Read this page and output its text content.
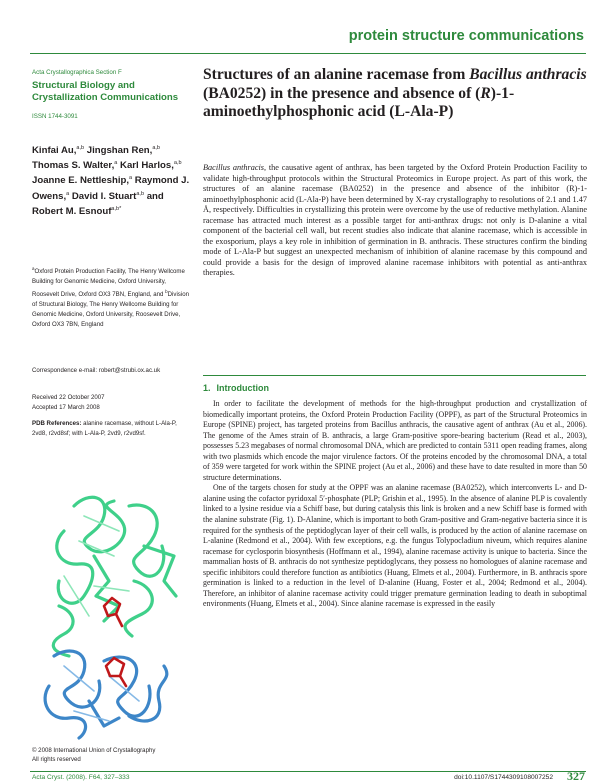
protein structure communications
Acta Crystallographica Section F
Structural Biology and Crystallization Communications
ISSN 1744-3091
Kinfai Au,$^{a,b}$ Jingshan Ren,$^{a,b}$ Thomas S. Walter,$^a$ Karl Harlos,$^{a,b}$ Joanne E. Nettleship,$^a$ Raymond J. Owens,$^a$ David I. Stuart$^{a,b}$ and Robert M. Esnouf$^{a,b*}$
$^a$Oxford Protein Production Facility, The Henry Wellcome Building for Genomic Medicine, Oxford University, Roosevelt Drive, Oxford OX3 7BN, England, and $^b$Division of Structural Biology, The Henry Wellcome Building for Genomic Medicine, Oxford University, Roosevelt Drive, Oxford OX3 7BN, England
Correspondence e-mail: robert@strubi.ox.ac.uk
Received 22 October 2007
Accepted 17 March 2008
PDB References: alanine racemase, without L-Ala-P, 2vd8, r2vd8sf; with L-Ala-P, 2vd9, r2vd9sf.
Structures of an alanine racemase from Bacillus anthracis (BA0252) in the presence and absence of (R)-1-aminoethylphosphonic acid (L-Ala-P)

Bacillus anthracis, the causative agent of anthrax, has been targeted by the Oxford Protein Production Facility to validate high-throughput protocols within the Structural Proteomics in Europe project. As part of this work, the structures of an alanine racemase (BA0252) in the presence and absence of the inhibitor (R)-1-aminoethylphosphonic acid (L-Ala-P) have been determined by X-ray crystallography to resolutions of 2.1 and 1.47 Å, respectively. Difficulties in crystallizing this protein were overcome by the use of reductive methylation. Alanine racemase has attracted much interest as a possible target for anti-anthrax drugs: not only is D-alanine a vital component of the bacterial cell wall, but recent studies also indicate that alanine racemase, which is accessible in the exosporium, plays a key role in inhibition of germination in B. anthracis. These structures confirm the binding mode of L-Ala-P but suggest an unexpected mechanism of inhibition of alanine racemase by this compound and could provide a basis for the design of improved alanine racemase inhibitors with potential as anti-anthrax therapies.

1. Introduction

In order to facilitate the development of methods for the high-throughput production and crystallization of biomedically important proteins, the Oxford Protein Production Facility (OPPF), as part of the Structural Proteomics in Europe (SPINE) project, has targeted proteins from Bacillus anthracis, the causative agent of anthrax (Au et al., 2006). The genome of the Ames strain of B. anthracis, a large Gram-positive spore-bearing bacterium (Read et al., 2003), possesses 5.23 megabases of normal chromosomal DNA, which are predicted to contain 5311 open reading frames, along with two plasmids which encode the major virulence factors. Of the proteins encoded by the chromosomal DNA, a total of 359 were targeted for work within the SPINE project (Au et al., 2006) and these have to date resulted in more than 50 structure determinations.

One of the targets chosen for study at the OPPF was an alanine racemase (BA0252), which interconverts L- and D-alanine using the cofactor pyridoxal 5′-phosphate (PLP; Grishin et al., 1995). In the absence of alanine PLP is covalently linked to a lysine residue via a Schiff base, but during catalysis this link is broken and a new Schiff base is formed with the alanine substrate (Fig. 1). D-Alanine, which is important to both Gram-positive and Gram-negative bacteria since it is required for the synthesis of the peptidoglycan layer of their cell walls, is produced by the action of alanine racemase on L-alanine (Redmond et al., 2004). With few exceptions, e.g. the fungus Tolypocladium niveum, which requires alanine racemase for cyclosporin biosynthesis (Hoffmann et al., 1994), alanine racemase activity is unique to bacteria. Since the mammalian hosts of B. anthracis do not synthesize peptidoglycans, they possess no homologues of alanine racemase and specific inhibitors could therefore function as antibiotics (Huang, Elmets et al., 2004). Furthermore, in B. anthracis spore germination is linked to a reduction in the level of D-alanine (Huang, Foster et al., 2004; Redmond et al., 2004). Therefore, an inhibitor of alanine racemase activity could trigger premature germination leading to death in suboptimal environments (Huang, Elmets et al., 2004). Since alanine racemase is expressed in the easily

© 2008 International Union of Crystallography
All rights reserved
Acta Cryst. (2008). F64, 327–333	doi:10.1107/S1744309108007252 327
